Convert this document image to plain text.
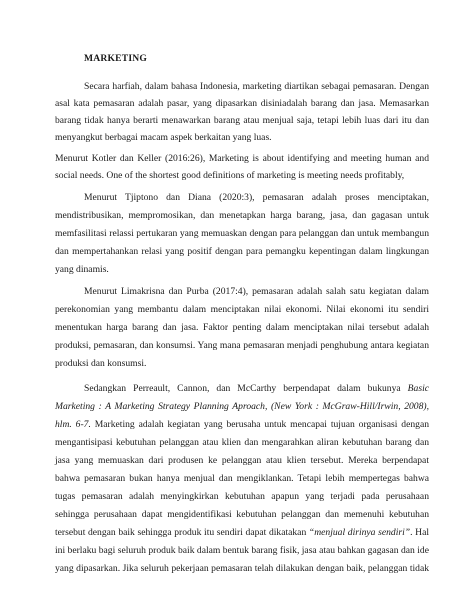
MARKETING
Secara harfiah, dalam bahasa Indonesia, marketing diartikan sebagai pemasaran. Dengan
asal kata pemasaran adalah pasar, yang dipasarkan disiniadalah barang dan jasa. Memasarkan
barang tidak hanya berarti menawarkan barang atau menjual saja, tetapi lebih luas dari itu dan
menyangkut berbagai macam aspek berkaitan yang luas.
Menurut Kotler dan Keller (2016:26), Marketing is about identifying and meeting human and
social needs. One of the shortest good definitions of marketing is meeting needs profitably,
Menurut Tjiptono dan Diana (2020:3), pemasaran adalah proses menciptakan,
mendistribusikan, mempromosikan, dan menetapkan harga barang, jasa, dan gagasan untuk
memfasilitasi relassi pertukaran yang memuaskan dengan para pelanggan dan untuk membangun
dan mempertahankan relasi yang positif dengan para pemangku kepentingan dalam lingkungan
yang dinamis.
Menurut Limakrisna dan Purba (2017:4), pemasaran adalah salah satu kegiatan dalam
perekonomian yang membantu dalam menciptakan nilai ekonomi. Nilai ekonomi itu sendiri
menentukan harga barang dan jasa. Faktor penting dalam menciptakan nilai tersebut adalah
produksi, pemasaran, dan konsumsi. Yang mana pemasaran menjadi penghubung antara kegiatan
produksi dan konsumsi.
Sedangkan Perreault, Cannon, dan McCarthy berpendapat dalam bukunya Basic
Marketing : A Marketing Strategy Planning Aproach, (New York : McGraw-Hill/Irwin, 2008),
hlm. 6-7. Marketing adalah kegiatan yang berusaha untuk mencapai tujuan organisasi dengan
mengantisipasi kebutuhan pelanggan atau klien dan mengarahkan aliran kebutuhan barang dan
jasa yang memuaskan dari produsen ke pelanggan atau klien tersebut. Mereka berpendapat
bahwa pemasaran bukan hanya menjual dan mengiklankan. Tetapi lebih mempertegas bahwa
tugas pemasaran adalah menyingkirkan kebutuhan apapun yang terjadi pada perusahaan
sehingga perusahaan dapat mengidentifikasi kebutuhan pelanggan dan memenuhi kebutuhan
tersebut dengan baik sehingga produk itu sendiri dapat dikatakan “menjual dirinya sendiri”. Hal
ini berlaku bagi seluruh produk baik dalam bentuk barang fisik, jasa atau bahkan gagasan dan ide
yang dipasarkan. Jika seluruh pekerjaan pemasaran telah dilakukan dengan baik, pelanggan tidak
